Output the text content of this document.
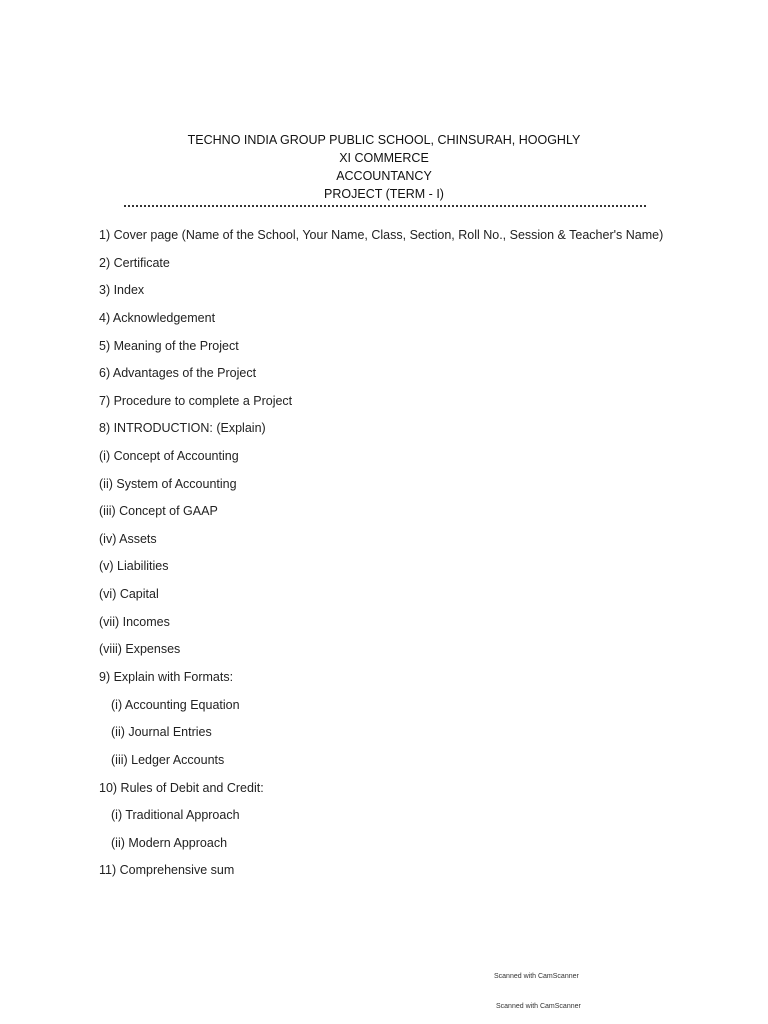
TECHNO INDIA GROUP PUBLIC SCHOOL, CHINSURAH, HOOGHLY
XI COMMERCE
ACCOUNTANCY
PROJECT (TERM - I)
1) Cover page (Name of the School, Your Name, Class, Section, Roll No., Session & Teacher's Name)
2) Certificate
3) Index
4) Acknowledgement
5) Meaning of the Project
6) Advantages of the Project
7) Procedure to complete a Project
8) INTRODUCTION: (Explain)
(i) Concept of Accounting
(ii) System of Accounting
(iii) Concept of GAAP
(iv) Assets
(v) Liabilities
(vi) Capital
(vii) Incomes
(viii) Expenses
9) Explain with Formats:
(i) Accounting Equation
(ii) Journal Entries
(iii) Ledger Accounts
10) Rules of Debit and Credit:
(i) Traditional Approach
(ii) Modern Approach
11) Comprehensive sum
Scanned with CamScanner
Scanned with CamScanner
